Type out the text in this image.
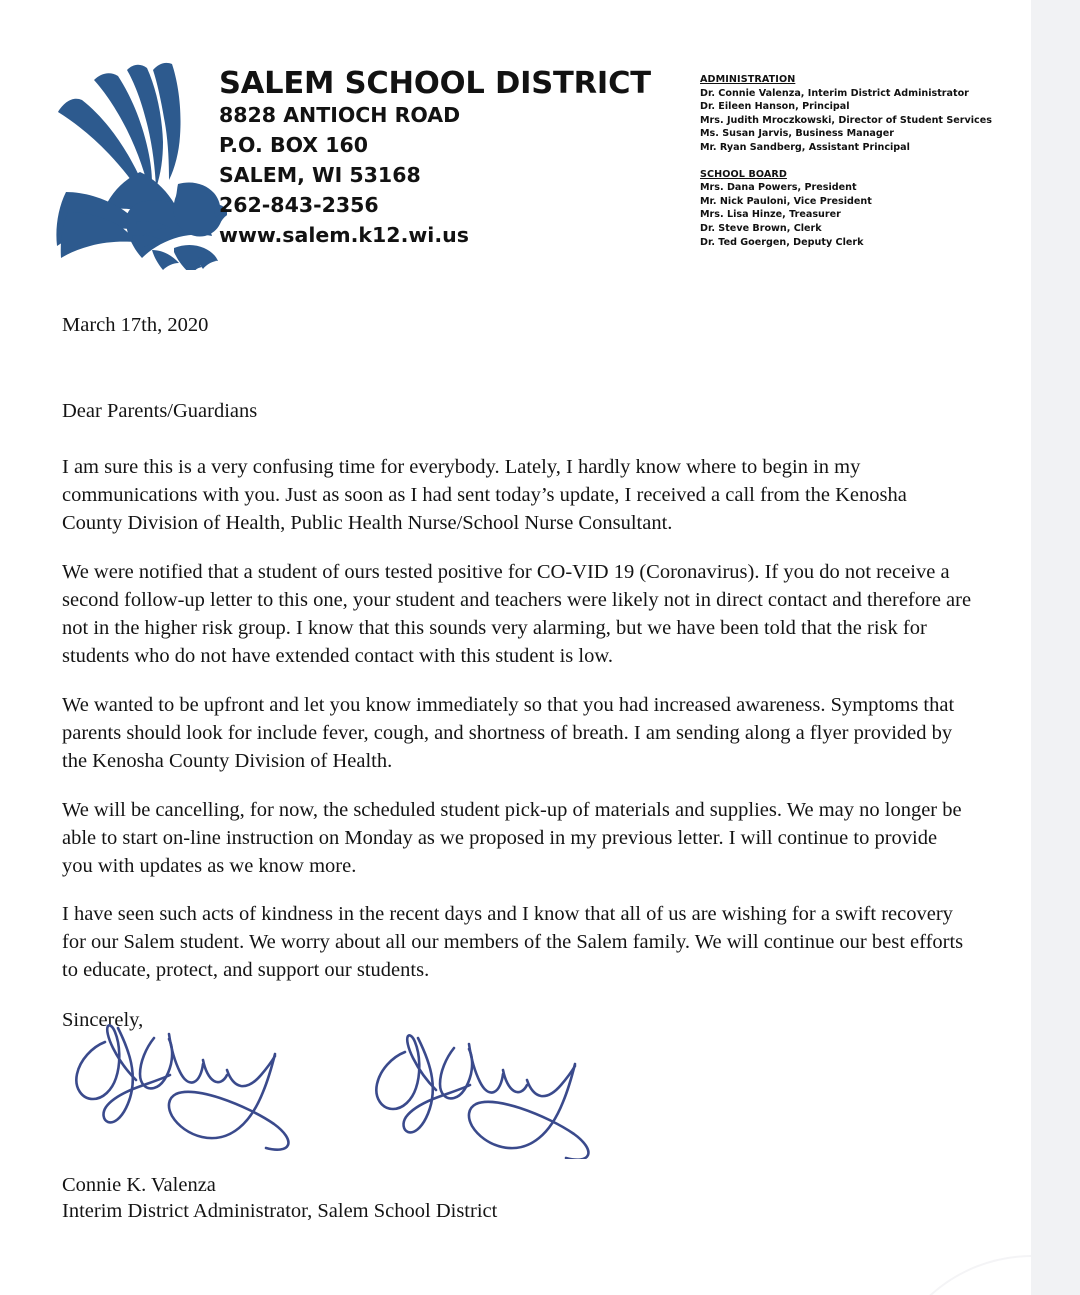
SALEM SCHOOL DISTRICT
8828 ANTIOCH ROAD
P.O. BOX 160
SALEM, WI 53168
262-843-2356
www.salem.k12.wi.us
ADMINISTRATION
Dr. Connie Valenza, Interim District Administrator
Dr. Eileen Hanson, Principal
Mrs. Judith Mroczkowski, Director of Student Services
Ms. Susan Jarvis, Business Manager
Mr. Ryan Sandberg, Assistant Principal
SCHOOL BOARD
Mrs. Dana Powers, President
Mr. Nick Pauloni, Vice President
Mrs. Lisa Hinze, Treasurer
Dr. Steve Brown, Clerk
Dr. Ted Goergen, Deputy Clerk
March 17th, 2020
Dear Parents/Guardians

I am sure this is a very confusing time for everybody. Lately, I hardly know where to begin in my communications with you. Just as soon as I had sent today’s update, I received a call from the Kenosha County Division of Health, Public Health Nurse/School Nurse Consultant.

We were notified that a student of ours tested positive for CO-VID 19 (Coronavirus). If you do not receive a second follow-up letter to this one, your student and teachers were likely not in direct contact and therefore are not in the higher risk group. I know that this sounds very alarming, but we have been told that the risk for students who do not have extended contact with this student is low.

We wanted to be upfront and let you know immediately so that you had increased awareness. Symptoms that parents should look for include fever, cough, and shortness of breath. I am sending along a flyer provided by the Kenosha County Division of Health.

We will be cancelling, for now, the scheduled student pick-up of materials and supplies. We may no longer be able to start on-line instruction on Monday as we proposed in my previous letter. I will continue to provide you with updates as we know more.

I have seen such acts of kindness in the recent days and I know that all of us are wishing for a swift recovery for our Salem student. We worry about all our members of the Salem family. We will continue our best efforts to educate, protect, and support our students.

Sincerely,
Connie K. Valenza
Interim District Administrator, Salem School District
